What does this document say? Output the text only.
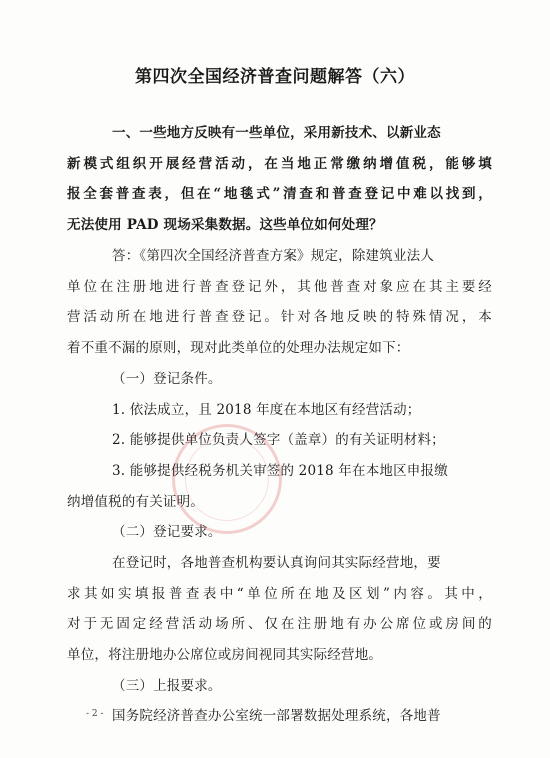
第四次全国经济普查问题解答（六）
一、一些地方反映有一些单位，采用新技术、以新业态
新模式组织开展经营活动，在当地正常缴纳增值税，能够填
报全套普查表，但在“地毯式”清查和普查登记中难以找到，
无法使用 PAD 现场采集数据。这些单位如何处理？
答：《第四次全国经济普查方案》规定，除建筑业法人
单位在注册地进行普查登记外，其他普查对象应在其主要经
营活动所在地进行普查登记。针对各地反映的特殊情况，本
着不重不漏的原则，现对此类单位的处理办法规定如下：
（一）登记条件。
1. 依法成立，且 2018 年度在本地区有经营活动；
2. 能够提供单位负责人签字（盖章）的有关证明材料；
3. 能够提供经税务机关审签的 2018 年在本地区申报缴
纳增值税的有关证明。
（二）登记要求。
在登记时，各地普查机构要认真询问其实际经营地，要
求其如实填报普查表中“单位所在地及区划”内容。其中，
对于无固定经营活动场所、仅在注册地有办公席位或房间的
单位，将注册地办公席位或房间视同其实际经营地。
（三）上报要求。
国务院经济普查办公室统一部署数据处理系统，各地普
- 2 -
